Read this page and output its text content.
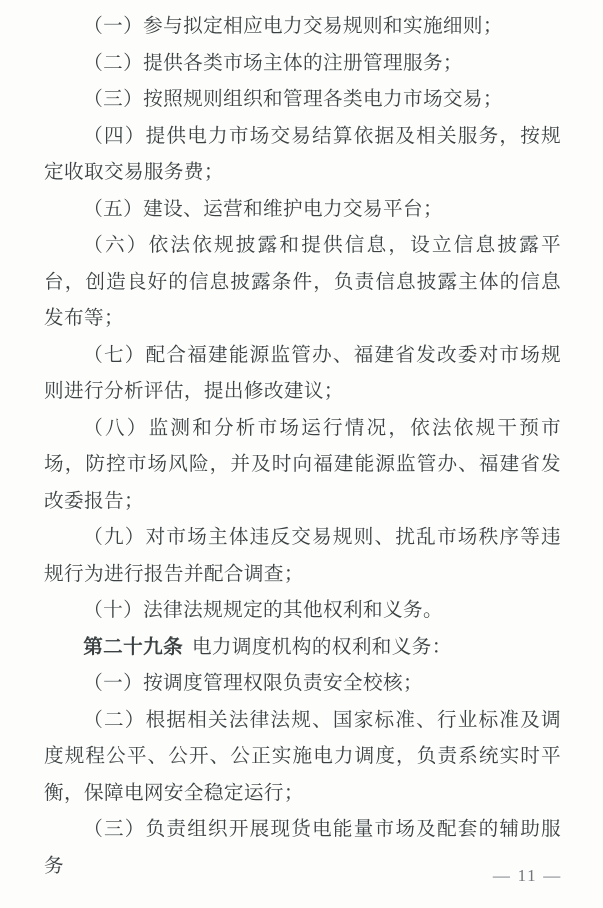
（一）参与拟定相应电力交易规则和实施细则；

（二）提供各类市场主体的注册管理服务；

（三）按照规则组织和管理各类电力市场交易；

（四）提供电力市场交易结算依据及相关服务，按规定收取交易服务费；

（五）建设、运营和维护电力交易平台；

（六）依法依规披露和提供信息，设立信息披露平台，创造良好的信息披露条件，负责信息披露主体的信息发布等；

（七）配合福建能源监管办、福建省发改委对市场规则进行分析评估，提出修改建议；

（八）监测和分析市场运行情况，依法依规干预市场，防控市场风险，并及时向福建能源监管办、福建省发改委报告；

（九）对市场主体违反交易规则、扰乱市场秩序等违规行为进行报告并配合调查；

（十）法律法规规定的其他权利和义务。

第二十九条 电力调度机构的权利和义务：

（一）按调度管理权限负责安全校核；

（二）根据相关法律法规、国家标准、行业标准及调度规程公平、公开、公正实施电力调度，负责系统实时平衡，保障电网安全稳定运行；

（三）负责组织开展现货电能量市场及配套的辅助服务	— 11 —
